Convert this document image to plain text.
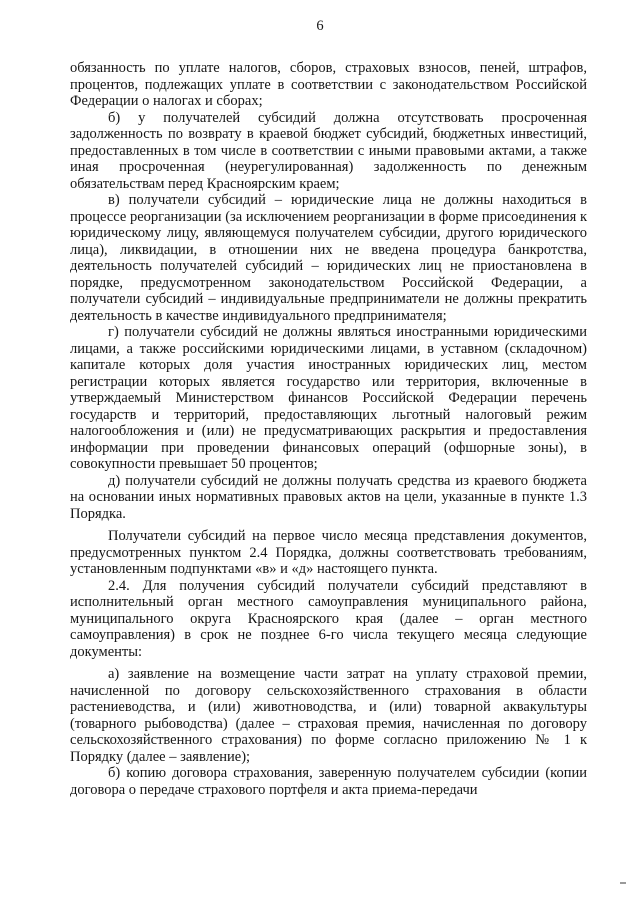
6

обязанность по уплате налогов, сборов, страховых взносов, пеней, штрафов, процентов, подлежащих уплате в соответствии с законодательством Российской Федерации о налогах и сборах;

б) у получателей субсидий должна отсутствовать просроченная задолженность по возврату в краевой бюджет субсидий, бюджетных инвестиций, предоставленных в том числе в соответствии с иными правовыми актами, а также иная просроченная (неурегулированная) задолженность по денежным обязательствам перед Красноярским краем;

в) получатели субсидий – юридические лица не должны находиться в процессе реорганизации (за исключением реорганизации в форме присоединения к юридическому лицу, являющемуся получателем субсидии, другого юридического лица), ликвидации, в отношении них не введена процедура банкротства, деятельность получателей субсидий – юридических лиц не приостановлена в порядке, предусмотренном законодательством Российской Федерации, а получатели субсидий – индивидуальные предприниматели не должны прекратить деятельность в качестве индивидуального предпринимателя;

г) получатели субсидий не должны являться иностранными юридическими лицами, а также российскими юридическими лицами, в уставном (складочном) капитале которых доля участия иностранных юридических лиц, местом регистрации которых является государство или территория, включенные в утверждаемый Министерством финансов Российской Федерации перечень государств и территорий, предоставляющих льготный налоговый режим налогообложения и (или) не предусматривающих раскрытия и предоставления информации при проведении финансовых операций (офшорные зоны), в совокупности превышает 50 процентов;

д) получатели субсидий не должны получать средства из краевого бюджета на основании иных нормативных правовых актов на цели, указанные в пункте 1.3 Порядка.

Получатели субсидий на первое число месяца представления документов, предусмотренных пунктом 2.4 Порядка, должны соответствовать требованиям, установленным подпунктами «в» и «д» настоящего пункта.

2.4. Для получения субсидий получатели субсидий представляют в исполнительный орган местного самоуправления муниципального района, муниципального округа Красноярского края (далее – орган местного самоуправления) в срок не позднее 6-го числа текущего месяца следующие документы:

а) заявление на возмещение части затрат на уплату страховой премии, начисленной по договору сельскохозяйственного страхования в области растениеводства, и (или) животноводства, и (или) товарной аквакультуры (товарного рыбоводства) (далее – страховая премия, начисленная по договору сельскохозяйственного страхования) по форме согласно приложению № 1 к Порядку (далее – заявление);

б) копию договора страхования, заверенную получателем субсидии (копии договора о передаче страхового портфеля и акта приема-передачи
